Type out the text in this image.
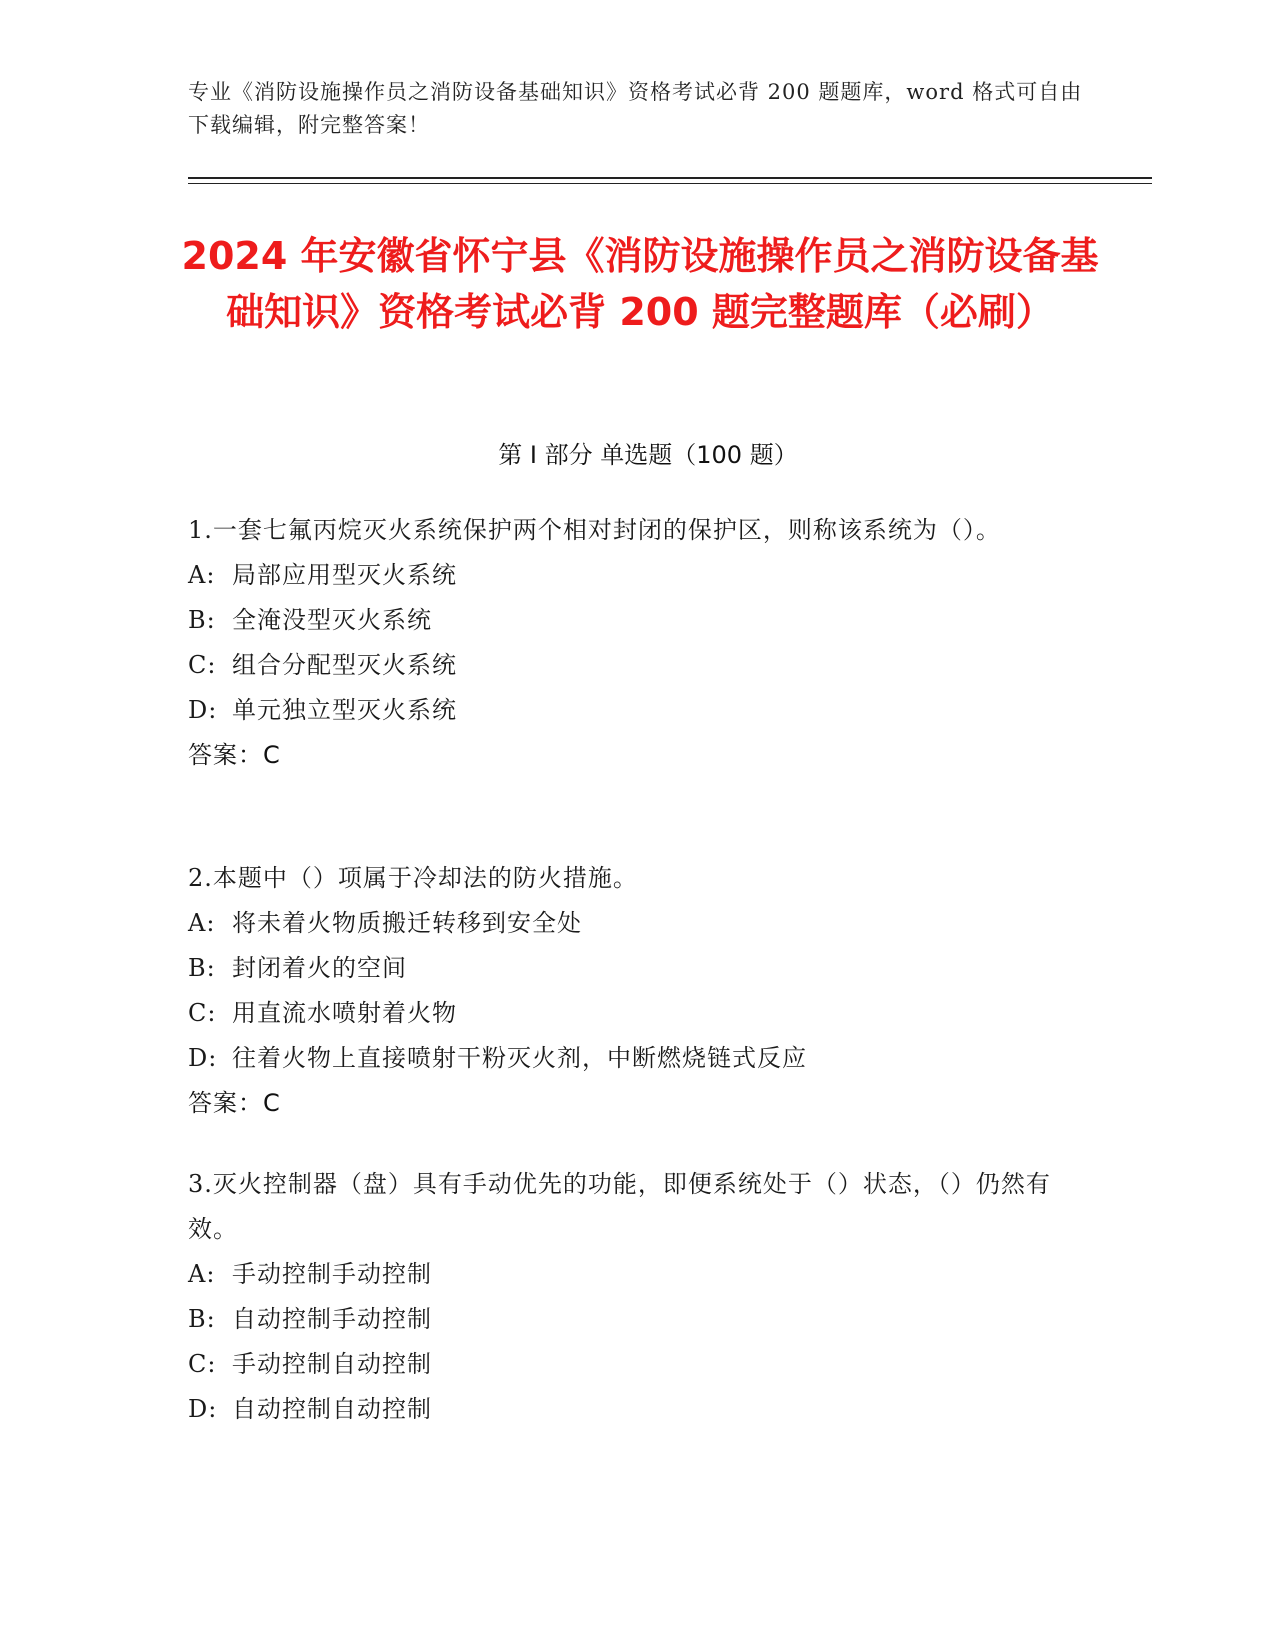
专业《消防设施操作员之消防设备基础知识》资格考试必背 200 题题库，word 格式可自由下载编辑，附完整答案！
2024 年安徽省怀宁县《消防设施操作员之消防设备基础知识》资格考试必背 200 题完整题库（必刷）
第 I 部分 单选题（100 题）
1.一套七氟丙烷灭火系统保护两个相对封闭的保护区，则称该系统为（）。
A: 局部应用型灭火系统
B: 全淹没型灭火系统
C: 组合分配型灭火系统
D: 单元独立型灭火系统
答案：C
2.本题中（）项属于冷却法的防火措施。
A: 将未着火物质搬迁转移到安全处
B: 封闭着火的空间
C: 用直流水喷射着火物
D: 往着火物上直接喷射干粉灭火剂，中断燃烧链式反应
答案：C
3.灭火控制器（盘）具有手动优先的功能，即便系统处于（）状态，（）仍然有效。
A: 手动控制手动控制
B: 自动控制手动控制
C: 手动控制自动控制
D: 自动控制自动控制
